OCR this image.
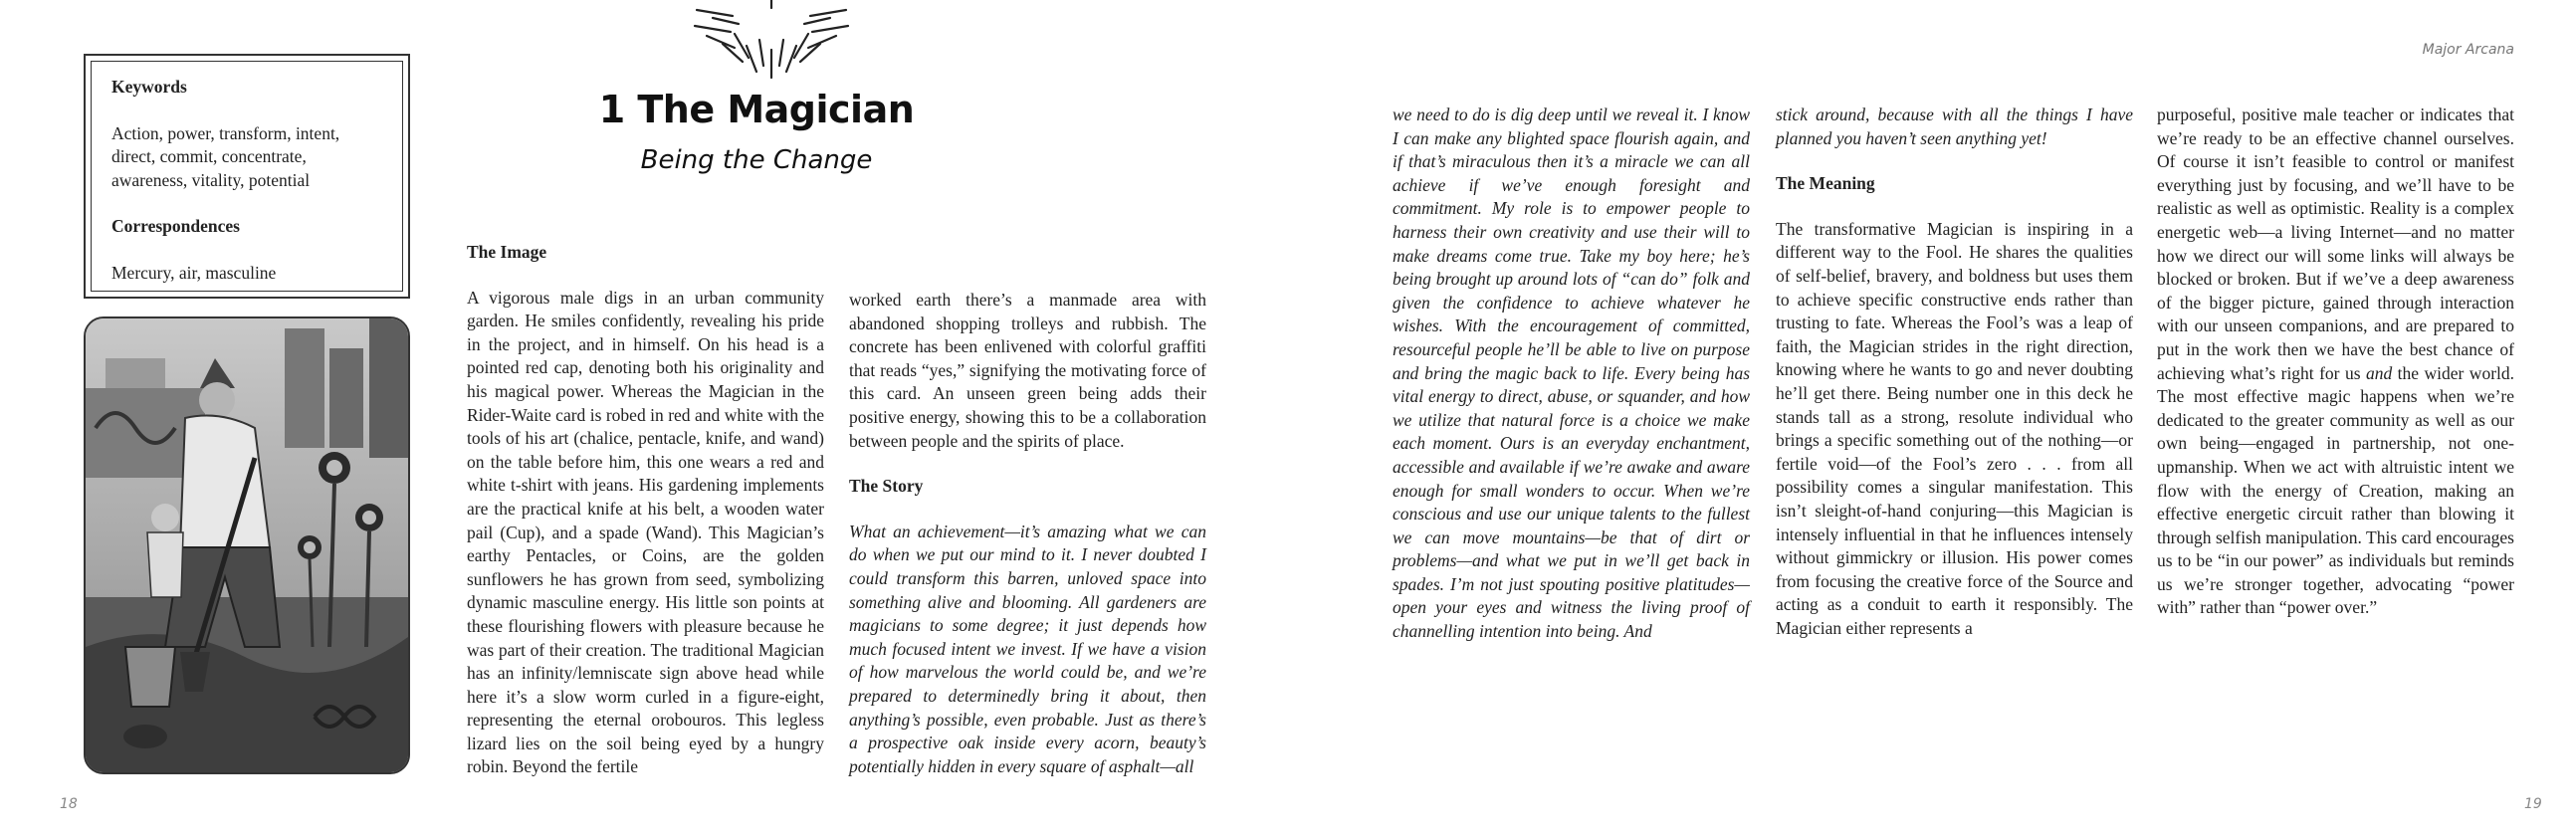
Keywords

Action, power, transform, intent, direct, commit, concentrate, awareness, vitality, potential

Correspondences

Mercury, air, masculine

1 The Magician
Being the Change
The Image

A vigorous male digs in an urban community garden. He smiles confidently, revealing his pride in the project, and in himself. On his head is a pointed red cap, denoting both his originality and his magical power. Whereas the Magician in the Rider-Waite card is robed in red and white with the tools of his art (chalice, pentacle, knife, and wand) on the table before him, this one wears a red and white t-shirt with jeans. His gardening implements are the practical knife at his belt, a wooden water pail (Cup), and a spade (Wand). This Magician’s earthy Pentacles, or Coins, are the golden sunflowers he has grown from seed, symbolizing dynamic masculine energy. His little son points at these flourishing flowers with pleasure because he was part of their creation. The traditional Magician has an infinity/lemniscate sign above head while here it’s a slow worm curled in a figure-eight, representing the eternal orobouros. This legless lizard lies on the soil being eyed by a hungry robin. Beyond the fertile

worked earth there’s a manmade area with abandoned shopping trolleys and rubbish. The concrete has been enlivened with colorful graffiti that reads “yes,” signifying the motivating force of this card. An unseen green being adds their positive energy, showing this to be a collaboration between people and the spirits of place.

The Story

What an achievement—it’s amazing what we can do when we put our mind to it. I never doubted I could transform this barren, unloved space into something alive and blooming. All gardeners are magicians to some degree; it just depends how much focused intent we invest. If we have a vision of how marvelous the world could be, and we’re prepared to determinedly bring it about, then anything’s possible, even probable. Just as there’s a prospective oak inside every acorn, beauty’s potentially hidden in every square of asphalt—all

we need to do is dig deep until we reveal it. I know I can make any blighted space flourish again, and if that’s miraculous then it’s a miracle we can all achieve if we’ve enough foresight and commitment. My role is to empower people to harness their own creativity and use their will to make dreams come true. Take my boy here; he’s being brought up around lots of “can do” folk and given the confidence to achieve whatever he wishes. With the encouragement of committed, resourceful people he’ll be able to live on purpose and bring the magic back to life. Every being has vital energy to direct, abuse, or squander, and how we utilize that natural force is a choice we make each moment. Ours is an everyday enchantment, accessible and available if we’re awake and aware enough for small wonders to occur. When we’re conscious and use our unique talents to the fullest we can move mountains—be that of dirt or problems—and what we put in we’ll get back in spades. I’m not just spouting positive platitudes—open your eyes and witness the living proof of channelling intention into being. And

stick around, because with all the things I have planned you haven’t seen anything yet!

The Meaning

The transformative Magician is inspiring in a different way to the Fool. He shares the qualities of self-belief, bravery, and boldness but uses them to achieve specific constructive ends rather than trusting to fate. Whereas the Fool’s was a leap of faith, the Magician strides in the right direction, knowing where he wants to go and never doubting he’ll get there. Being number one in this deck he stands tall as a strong, resolute individual who brings a specific something out of the nothing—or fertile void—of the Fool’s zero . . . from all possibility comes a singular manifestation. This isn’t sleight-of-hand conjuring—this Magician is intensely influential in that he influences intensely without gimmickry or illusion. His power comes from focusing the creative force of the Source and acting as a conduit to earth it responsibly. The Magician either represents a

purposeful, positive male teacher or indicates that we’re ready to be an effective channel ourselves. Of course it isn’t feasible to control or manifest everything just by focusing, and we’ll have to be realistic as well as optimistic. Reality is a complex energetic web—a living Internet—and no matter how we direct our will some links will always be blocked or broken. But if we’ve a deep awareness of the bigger picture, gained through interaction with our unseen companions, and are prepared to put in the work then we have the best chance of achieving what’s right for us and the wider world. The most effective magic happens when we’re dedicated to the greater community as well as our own being—engaged in partnership, not one-upmanship. When we act with altruistic intent we flow with the energy of Creation, making an effective energetic circuit rather than blowing it through selfish manipulation. This card encourages us to be “in our power” as individuals but reminds us we’re stronger together, advocating “power with” rather than “power over.”

Major Arcana
18	19
